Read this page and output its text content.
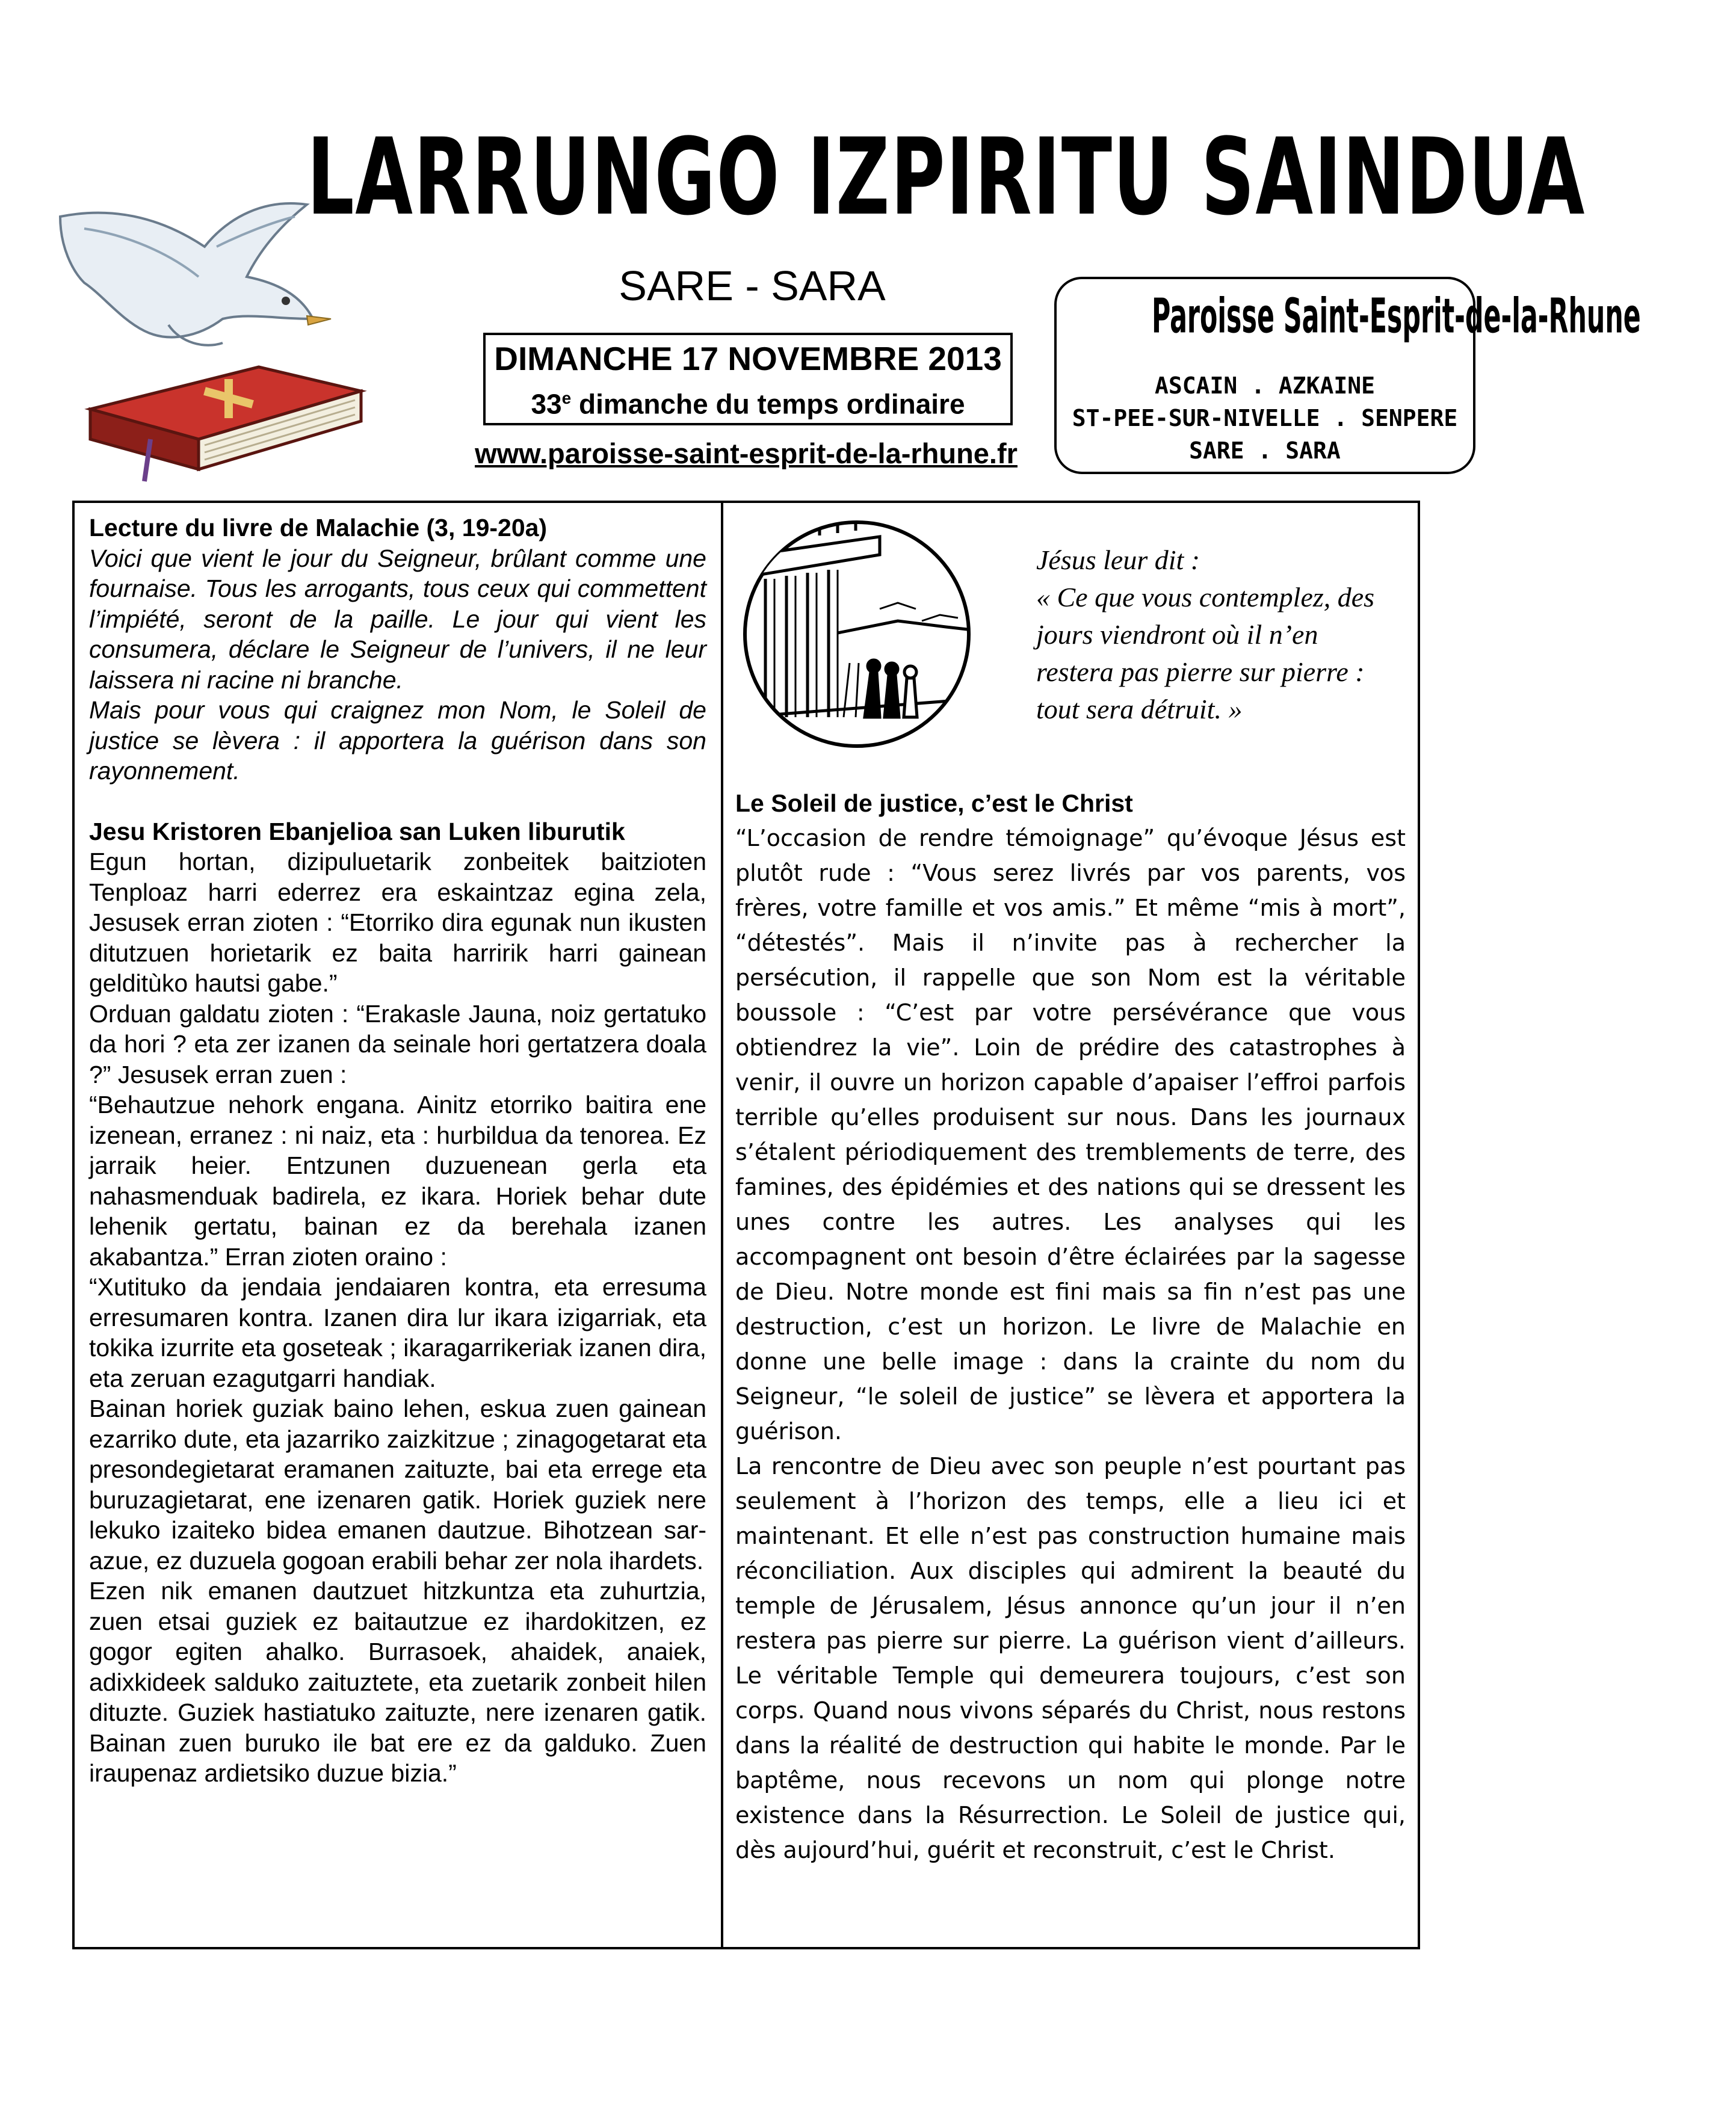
LARRUNGO IZPIRITU SAINDUA
SARE - SARA
DIMANCHE 17 NOVEMBRE 2013
33e dimanche du temps ordinaire
www.paroisse-saint-esprit-de-la-rhune.fr
Paroisse Saint-Esprit-de-la-Rhune
ASCAIN . AZKAINE
ST-PEE-SUR-NIVELLE . SENPERE
SARE . SARA

Lecture du livre de Malachie (3, 19-20a)

Voici que vient le jour du Seigneur, brûlant comme une fournaise. Tous les arrogants, tous ceux qui commettent l’impiété, seront de la paille. Le jour qui vient les consumera, déclare le Seigneur de l’univers, il ne leur laissera ni racine ni branche.

Mais pour vous qui craignez mon Nom, le Soleil de justice se lèvera : il apportera la guérison dans son rayonnement.

Jesu Kristoren Ebanjelioa san Luken liburutik

Egun hortan, dizipuluetarik zonbeitek baitzioten Tenploaz harri ederrez era eskaintzaz egina zela, Jesusek erran zioten : “Etorriko dira egunak nun ikusten ditutzuen horietarik ez baita harririk harri gainean gelditùko hautsi gabe.”

Orduan galdatu zioten : “Erakasle Jauna, noiz gertatuko da hori ? eta zer izanen da seinale hori gertatzera doala ?” Jesusek erran zuen :

“Behautzue nehork engana. Ainitz etorriko baitira ene izenean, erranez : ni naiz, eta : hurbildua da tenorea. Ez jarraik heier. Entzunen duzuenean gerla eta nahasmenduak badirela, ez ikara. Horiek behar dute lehenik gertatu, bainan ez da berehala izanen akabantza.” Erran zioten oraino :

“Xutituko da jendaia jendaiaren kontra, eta erresuma erresumaren kontra. Izanen dira lur ikara izigarriak, eta tokika izurrite eta goseteak ; ikaragarrikeriak izanen dira, eta zeruan ezagutgarri handiak.

Bainan horiek guziak baino lehen, eskua zuen gainean ezarriko dute, eta jazarriko zaizkitzue ; zinagogetarat eta presondegietarat eramanen zaituzte, bai eta errege eta buruzagietarat, ene izenaren gatik. Horiek guziek nere lekuko izaiteko bidea emanen dautzue. Bihotzean sar-azue, ez duzuela gogoan erabili behar zer nola ihardets.

Ezen nik emanen dautzuet hitzkuntza eta zuhurtzia, zuen etsai guziek ez baitautzue ez ihardokitzen, ez gogor egiten ahalko. Burrasoek, ahaidek, anaiek, adixkideek salduko zaituztete, eta zuetarik zonbeit hilen dituzte. Guziek hastiatuko zaituzte, nere izenaren gatik. Bainan zuen buruko ile bat ere ez da galduko. Zuen iraupenaz ardietsiko duzue bizia.”

Jésus leur dit :
« Ce que vous contemplez, des jours viendront où il n’en restera pas pierre sur pierre : tout sera détruit. »

Le Soleil de justice, c’est le Christ

“L’occasion de rendre témoignage” qu’évoque Jésus est plutôt rude : “Vous serez livrés par vos parents, vos frères, votre famille et vos amis.” Et même “mis à mort”, “détestés”. Mais il n’invite pas à rechercher la persécution, il rappelle que son Nom est la véritable boussole : “C’est par votre persévérance que vous obtiendrez la vie”. Loin de prédire des catastrophes à venir, il ouvre un horizon capable d’apaiser l’effroi parfois terrible qu’elles produisent sur nous. Dans les journaux s’étalent périodiquement des tremblements de terre, des famines, des épidémies et des nations qui se dressent les unes contre les autres. Les analyses qui les accompagnent ont besoin d’être éclairées par la sagesse de Dieu. Notre monde est fini mais sa fin n’est pas une destruction, c’est un horizon. Le livre de Malachie en donne une belle image : dans la crainte du nom du Seigneur, “le soleil de justice” se lèvera et apportera la guérison.

La rencontre de Dieu avec son peuple n’est pourtant pas seulement à l’horizon des temps, elle a lieu ici et maintenant. Et elle n’est pas construction humaine mais réconciliation. Aux disciples qui admirent la beauté du temple de Jérusalem, Jésus annonce qu’un jour il n’en restera pas pierre sur pierre. La guérison vient d’ailleurs. Le véritable Temple qui demeurera toujours, c’est son corps. Quand nous vivons séparés du Christ, nous restons dans la réalité de destruction qui habite le monde. Par le baptême, nous recevons un nom qui plonge notre existence dans la Résurrection. Le Soleil de justice qui, dès aujourd’hui, guérit et reconstruit, c’est le Christ.
